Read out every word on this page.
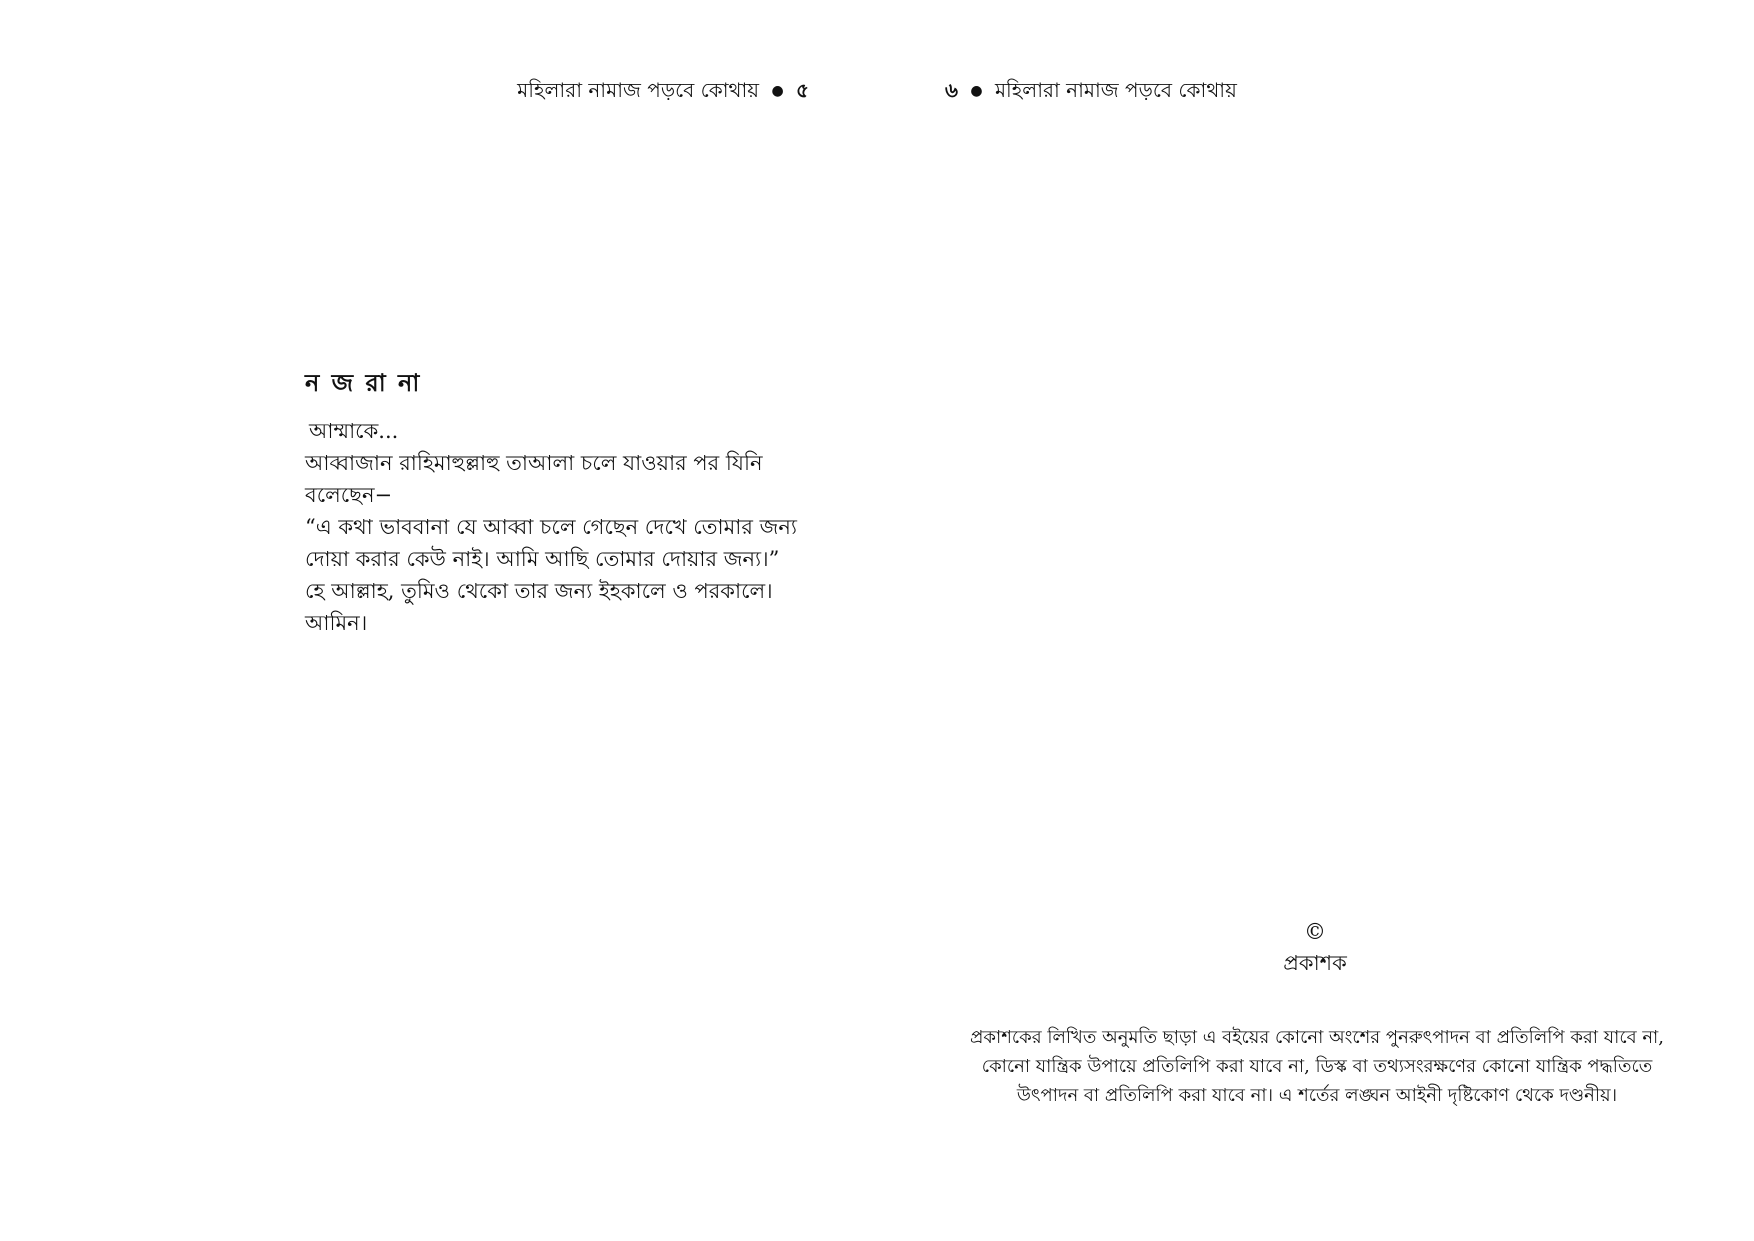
মহিলারা নামাজ পড়বে কোথায় ● ৫
ন জ রা না
আম্মাকে...
আব্বাজান রাহিমাহুল্লাহু তাআলা চলে যাওয়ার পর যিনি
বলেছেন−
“এ কথা ভাববানা যে আব্বা চলে গেছেন দেখে তোমার জন্য
দোয়া করার কেউ নাই। আমি আছি তোমার দোয়ার জন্য।”
হে আল্লাহ, তুমিও থেকো তার জন্য ইহকালে ও পরকালে।
আমিন।
৬ ● মহিলারা নামাজ পড়বে কোথায়
©
প্রকাশক
প্রকাশকের লিখিত অনুমতি ছাড়া এ বইয়ের কোনো অংশের পুনরুৎপাদন বা প্রতিলিপি করা যাবে না,
কোনো যান্ত্রিক উপায়ে প্রতিলিপি করা যাবে না, ডিস্ক বা তথ্যসংরক্ষণের কোনো যান্ত্রিক পদ্ধতিতে
উৎপাদন বা প্রতিলিপি করা যাবে না। এ শর্তের লঙ্ঘন আইনী দৃষ্টিকোণ থেকে দণ্ডনীয়।
